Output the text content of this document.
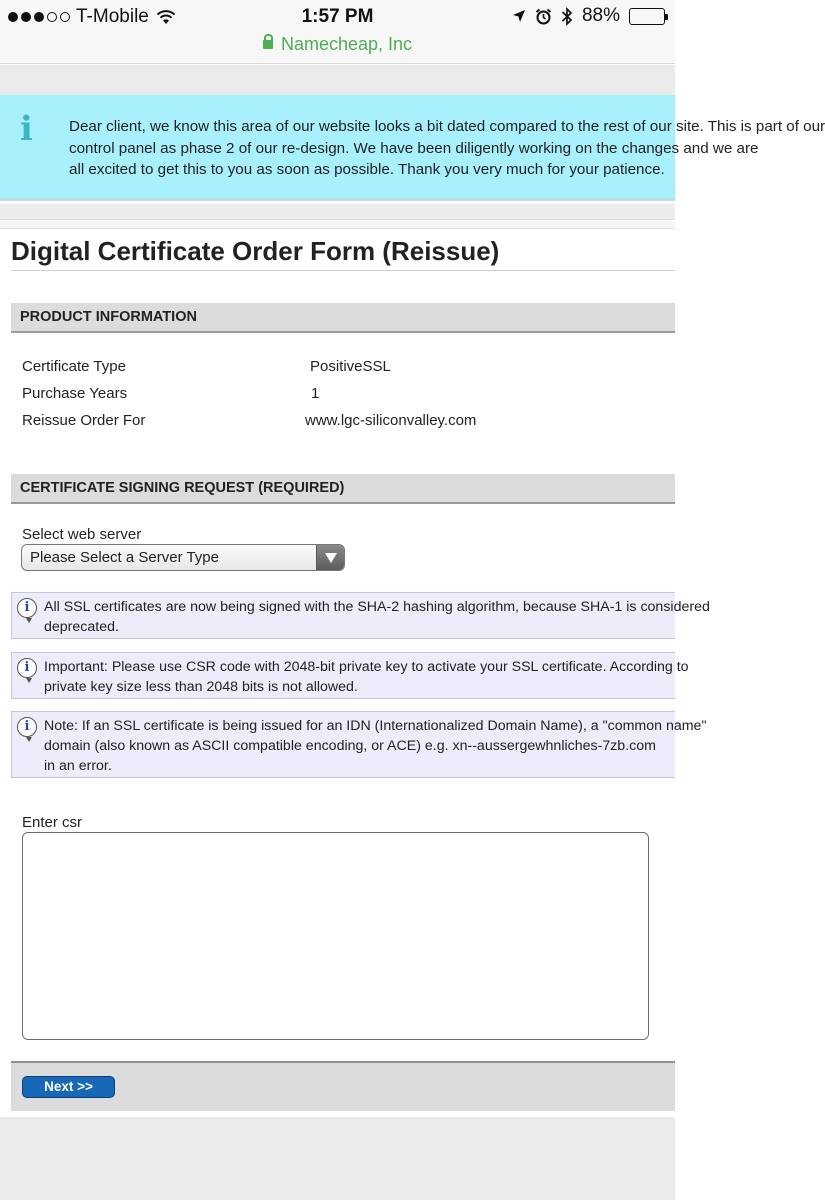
T-Mobile	1:57 PM
Namecheap, Inc
88%
i Dear client, we know this area of our website looks a bit dated compared to the rest of our site. This is part of our
control panel as phase 2 of our re-design. We have been diligently working on the changes and we are
all excited to get this to you as soon as possible. Thank you very much for your patience.
Digital Certificate Order Form (Reissue)
PRODUCT INFORMATION
Certificate Type	PositiveSSL
Purchase Years	1
Reissue Order For	www.lgc-siliconvalley.com
CERTIFICATE SIGNING REQUEST (REQUIRED)
Select web server
Please Select a Server Type
i	All SSL certificates are now being signed with the SHA-2 hashing algorithm, because SHA-1 is considered
deprecated.
i	Important: Please use CSR code with 2048-bit private key to activate your SSL certificate. According to
private key size less than 2048 bits is not allowed.
i	Note: If an SSL certificate is being issued for an IDN (Internationalized Domain Name), a "common name"
domain (also known as ASCII compatible encoding, or ACE) e.g. xn--aussergewhnliches-7zb.com
in an error.
Enter csr
Next >>
